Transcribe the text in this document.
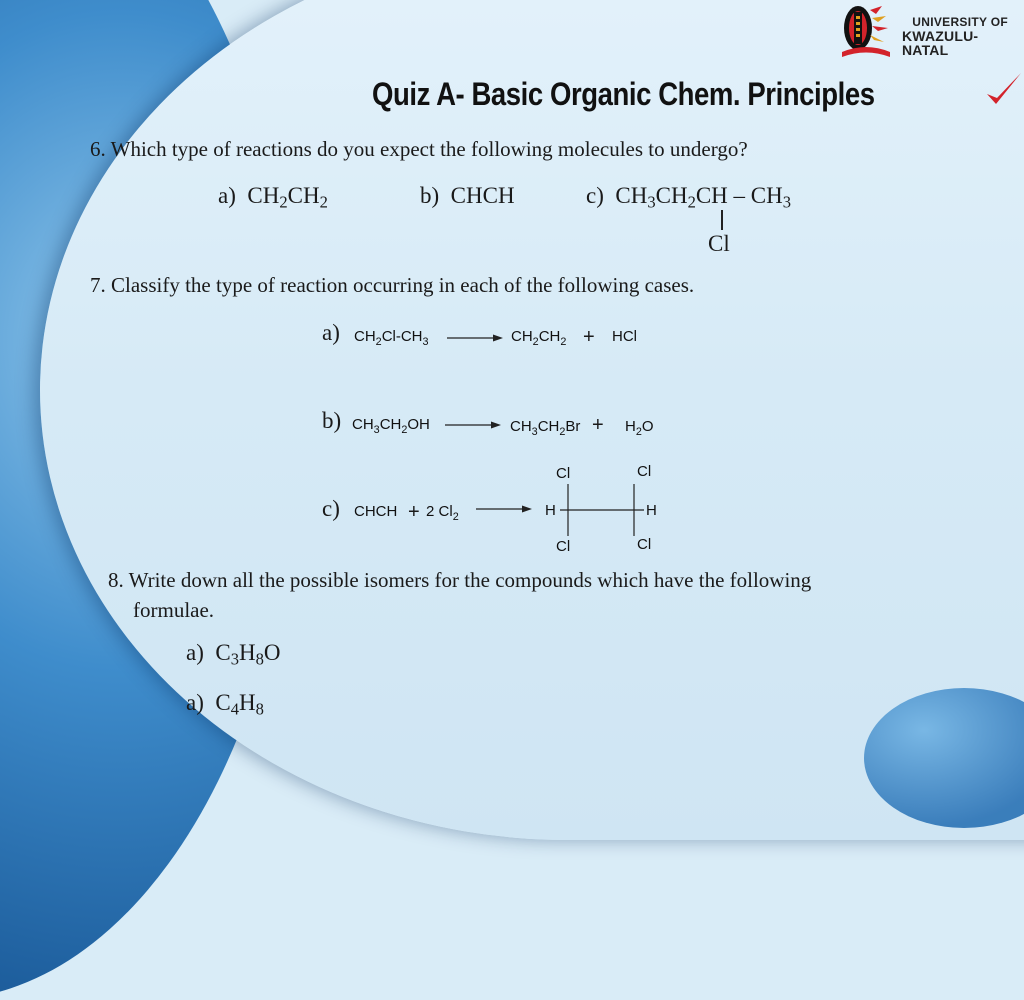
UNIVERSITY OF
KWAZULU-NATAL
Quiz A- Basic Organic Chem. Principles
6. Which type of reactions do you expect the following molecules to undergo?
a) $CH_2CH_2$	b) CHCH	c) $CH_3CH_2CH - CH_3$
Cl
7. Classify the type of reaction occurring in each of the following cases.
a) $CH_2Cl-CH_3 \to CH_2CH_2$ + HCl
b) $CH_3CH_2OH \to CH_3CH_2Br + H_2O$
c) CHCH + 2 $Cl_2$
Cl	Cl
H	H
Cl	Cl
8. Write down all the possible isomers for the compounds which have the following
formulae.
a) $C_3H_8O$
a) $C_4H_8$
